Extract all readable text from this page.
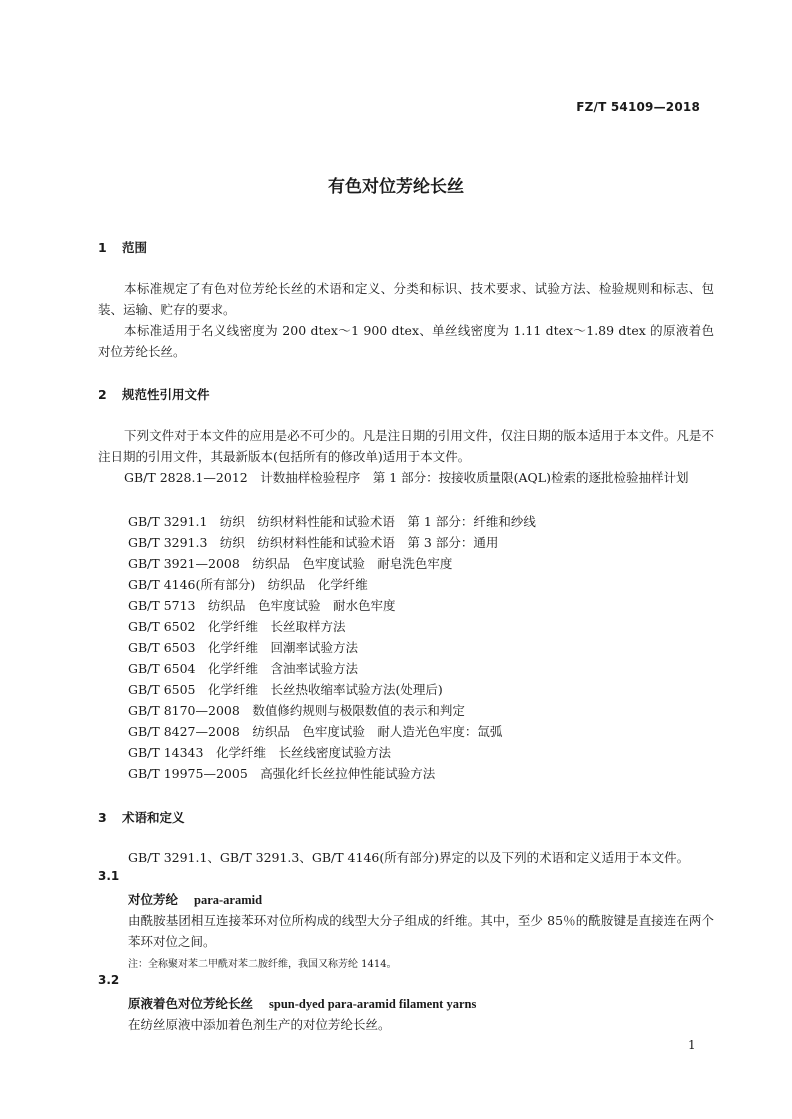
FZ/T 54109—2018
有色对位芳纶长丝
1 范围
本标准规定了有色对位芳纶长丝的术语和定义、分类和标识、技术要求、试验方法、检验规则和标志、包装、运输、贮存的要求。
本标准适用于名义线密度为 200 dtex～1 900 dtex、单丝线密度为 1.11 dtex～1.89 dtex 的原液着色对位芳纶长丝。
2 规范性引用文件
下列文件对于本文件的应用是必不可少的。凡是注日期的引用文件，仅注日期的版本适用于本文件。凡是不注日期的引用文件，其最新版本(包括所有的修改单)适用于本文件。
GB/T 2828.1—2012　计数抽样检验程序　第 1 部分：按接收质量限(AQL)检索的逐批检验抽样计划
GB/T 3291.1　纺织　纺织材料性能和试验术语　第 1 部分：纤维和纱线
GB/T 3291.3　纺织　纺织材料性能和试验术语　第 3 部分：通用
GB/T 3921—2008　纺织品　色牢度试验　耐皂洗色牢度
GB/T 4146(所有部分)　纺织品　化学纤维
GB/T 5713　纺织品　色牢度试验　耐水色牢度
GB/T 6502　化学纤维　长丝取样方法
GB/T 6503　化学纤维　回潮率试验方法
GB/T 6504　化学纤维　含油率试验方法
GB/T 6505　化学纤维　长丝热收缩率试验方法(处理后)
GB/T 8170—2008　数值修约规则与极限数值的表示和判定
GB/T 8427—2008　纺织品　色牢度试验　耐人造光色牢度：氙弧
GB/T 14343　化学纤维　长丝线密度试验方法
GB/T 19975—2005　高强化纤长丝拉伸性能试验方法
3 术语和定义
GB/T 3291.1、GB/T 3291.3、GB/T 4146(所有部分)界定的以及下列的术语和定义适用于本文件。
3.1
对位芳纶 para-aramid
由酰胺基团相互连接苯环对位所构成的线型大分子组成的纤维。其中，至少 85％的酰胺键是直接连在两个苯环对位之间。
注：全称聚对苯二甲酰对苯二胺纤维，我国又称芳纶 1414。
3.2
原液着色对位芳纶长丝 spun-dyed para-aramid filament yarns
在纺丝原液中添加着色剂生产的对位芳纶长丝。
1
